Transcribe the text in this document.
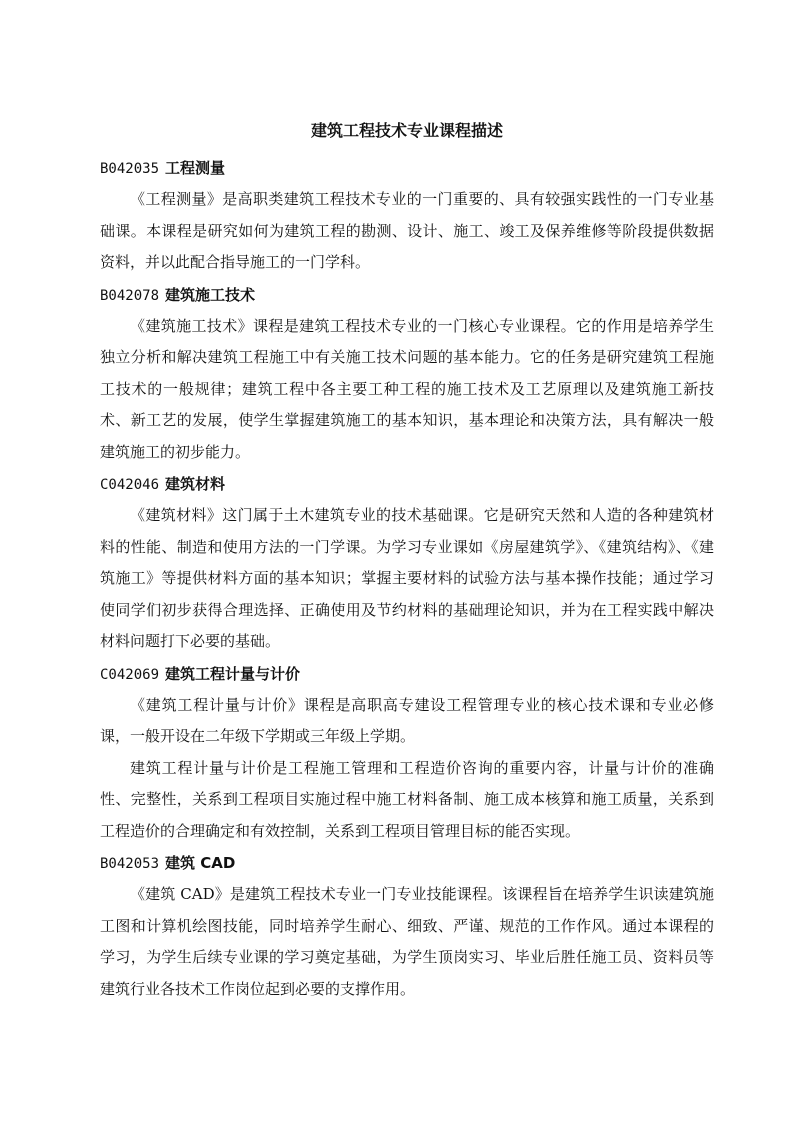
建筑工程技术专业课程描述
B042035 工程测量

《工程测量》是高职类建筑工程技术专业的一门重要的、具有较强实践性的一门专业基础课。本课程是研究如何为建筑工程的勘测、设计、施工、竣工及保养维修等阶段提供数据资料，并以此配合指导施工的一门学科。

B042078 建筑施工技术

《建筑施工技术》课程是建筑工程技术专业的一门核心专业课程。它的作用是培养学生独立分析和解决建筑工程施工中有关施工技术问题的基本能力。它的任务是研究建筑工程施工技术的一般规律；建筑工程中各主要工种工程的施工技术及工艺原理以及建筑施工新技术、新工艺的发展，使学生掌握建筑施工的基本知识，基本理论和决策方法，具有解决一般建筑施工的初步能力。

C042046 建筑材料

《建筑材料》这门属于土木建筑专业的技术基础课。它是研究天然和人造的各种建筑材料的性能、制造和使用方法的一门学课。为学习专业课如《房屋建筑学》、《建筑结构》、《建筑施工》等提供材料方面的基本知识；掌握主要材料的试验方法与基本操作技能；通过学习使同学们初步获得合理选择、正确使用及节约材料的基础理论知识，并为在工程实践中解决材料问题打下必要的基础。

C042069 建筑工程计量与计价

《建筑工程计量与计价》课程是高职高专建设工程管理专业的核心技术课和专业必修课，一般开设在二年级下学期或三年级上学期。

建筑工程计量与计价是工程施工管理和工程造价咨询的重要内容，计量与计价的准确性、完整性，关系到工程项目实施过程中施工材料备制、施工成本核算和施工质量，关系到工程造价的合理确定和有效控制，关系到工程项目管理目标的能否实现。

B042053 建筑 CAD

《建筑 CAD》是建筑工程技术专业一门专业技能课程。该课程旨在培养学生识读建筑施工图和计算机绘图技能，同时培养学生耐心、细致、严谨、规范的工作作风。通过本课程的学习，为学生后续专业课的学习奠定基础，为学生顶岗实习、毕业后胜任施工员、资料员等建筑行业各技术工作岗位起到必要的支撑作用。
